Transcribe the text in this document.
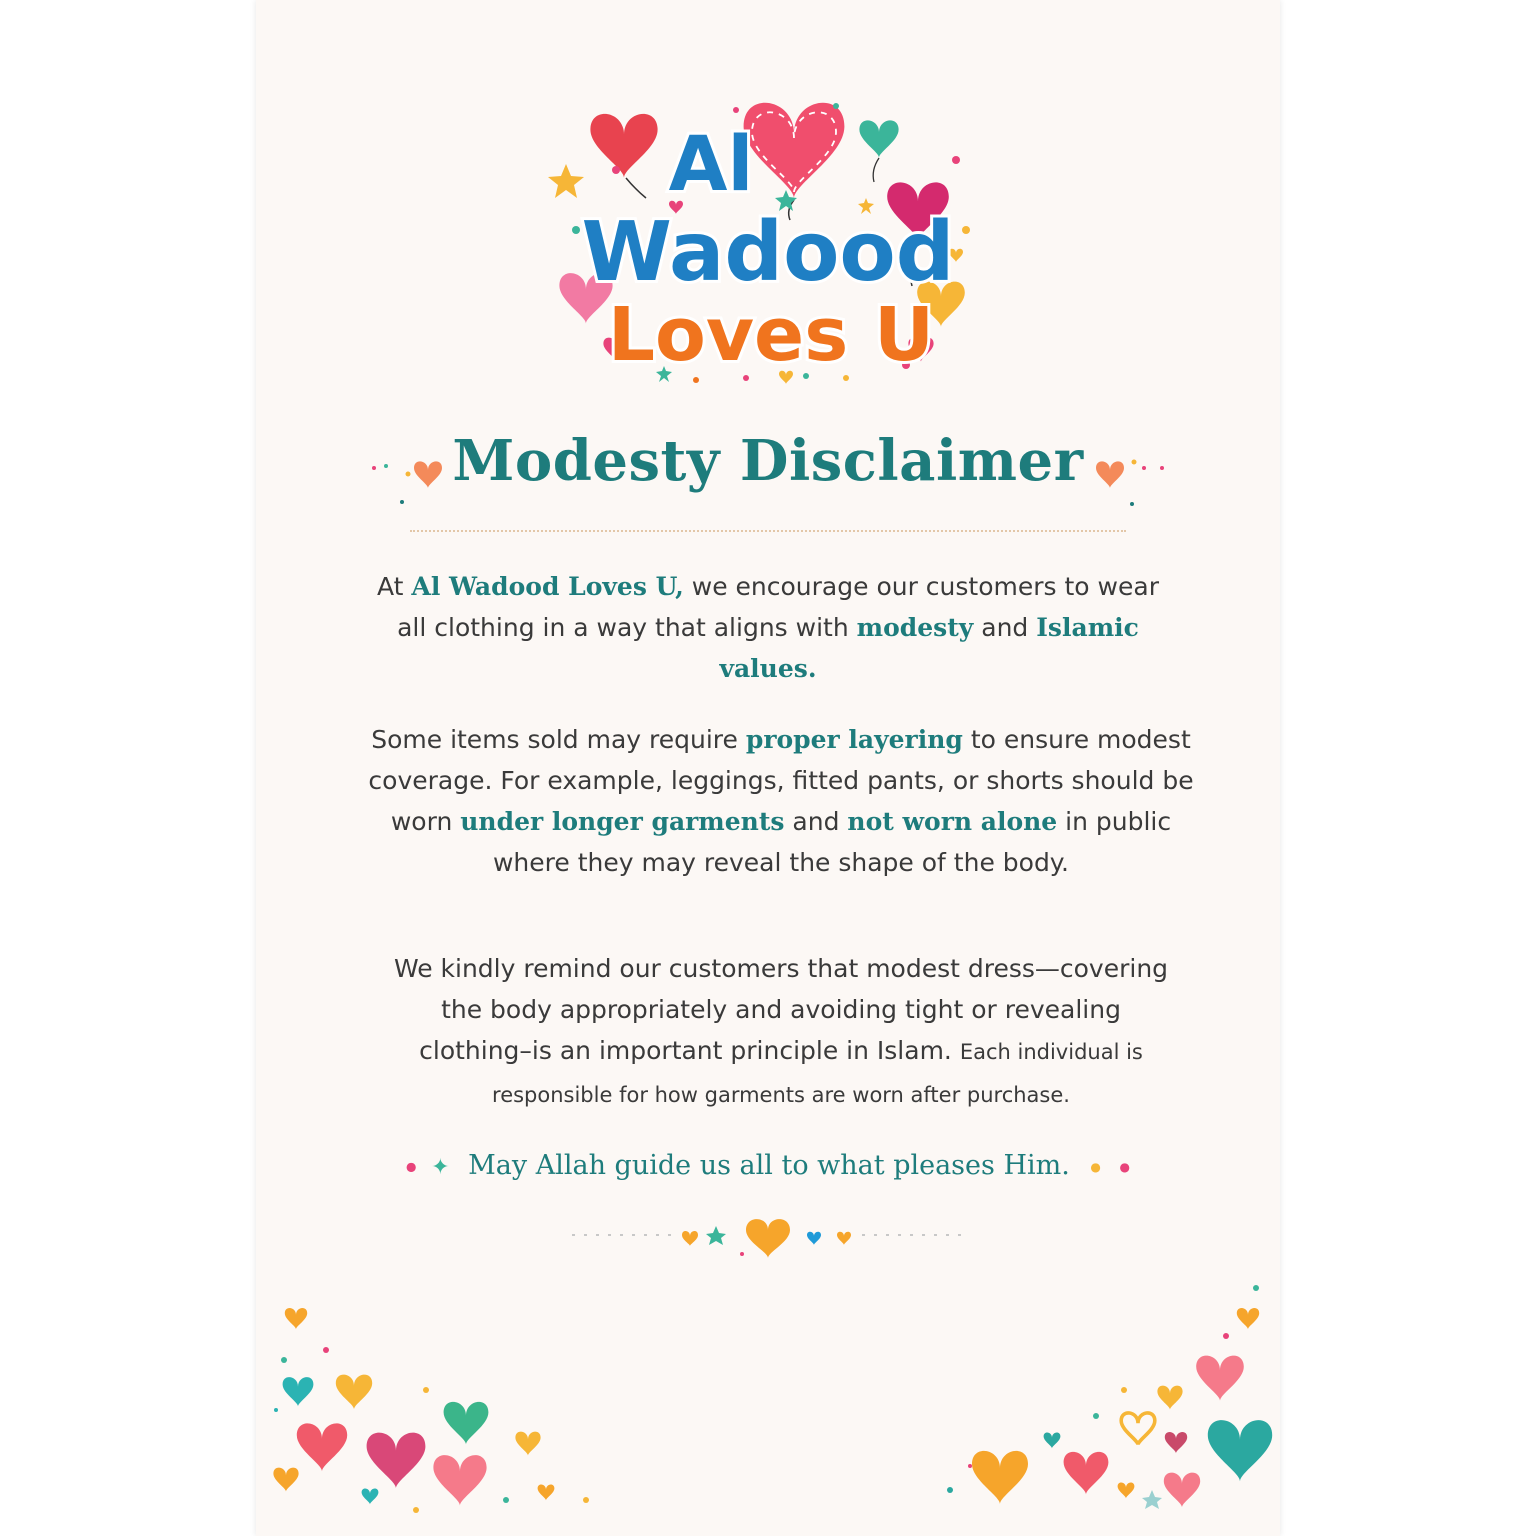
Al
Wadood
Loves U
Modesty Disclaimer
At Al Wadood Loves U, we encourage our customers to wear all clothing in a way that aligns with modesty and Islamic values.
Some items sold may require proper layering to ensure modest coverage. For example, leggings, fitted pants, or shorts should be worn under longer garments and not worn alone in public where they may reveal the shape of the body.
We kindly remind our customers that modest dress—covering the body appropriately and avoiding tight or revealing clothing–is an important principle in Islam. Each individual is responsible for how garments are worn after purchase.
● ✦ May Allah guide us all to what pleases Him. ● ●
